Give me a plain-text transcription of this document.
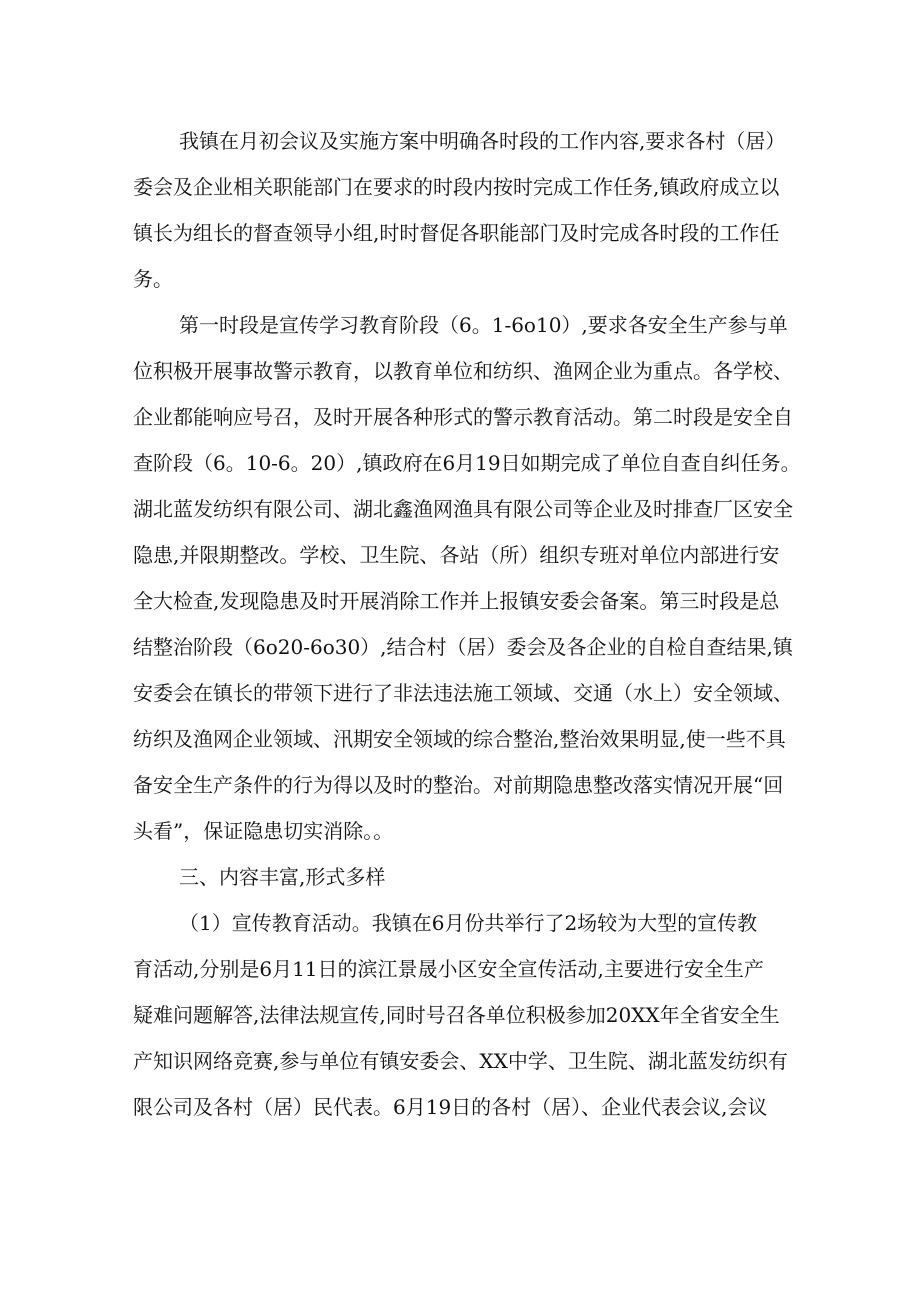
我镇在月初会议及实施方案中明确各时段的工作内容,要求各村（居）
委会及企业相关职能部门在要求的时段内按时完成工作任务,镇政府成立以
镇长为组长的督查领导小组,时时督促各职能部门及时完成各时段的工作任
务。
第一时段是宣传学习教育阶段（6。1-6o10）,要求各安全生产参与单
位积极开展事故警示教育，以教育单位和纺织、渔网企业为重点。各学校、
企业都能响应号召，及时开展各种形式的警示教育活动。第二时段是安全自
查阶段（6。10-6。20）,镇政府在6月19日如期完成了单位自查自纠任务。
湖北蓝发纺织有限公司、湖北鑫渔网渔具有限公司等企业及时排查厂区安全
隐患,并限期整改。学校、卫生院、各站（所）组织专班对单位内部进行安
全大检查,发现隐患及时开展消除工作并上报镇安委会备案。第三时段是总
结整治阶段（6o20-6o30）,结合村（居）委会及各企业的自检自查结果,镇
安委会在镇长的带领下进行了非法违法施工领域、交通（水上）安全领域、
纺织及渔网企业领域、汛期安全领域的综合整治,整治效果明显,使一些不具
备安全生产条件的行为得以及时的整治。对前期隐患整改落实情况开展“回
头看”，保证隐患切实消除。。
三、内容丰富,形式多样
（1）宣传教育活动。我镇在6月份共举行了2场较为大型的宣传教
育活动,分别是6月11日的滨江景晟小区安全宣传活动,主要进行安全生产
疑难问题解答,法律法规宣传,同时号召各单位积极参加20XX年全省安全生
产知识网络竞赛,参与单位有镇安委会、XX中学、卫生院、湖北蓝发纺织有
限公司及各村（居）民代表。6月19日的各村（居）、企业代表会议,会议
